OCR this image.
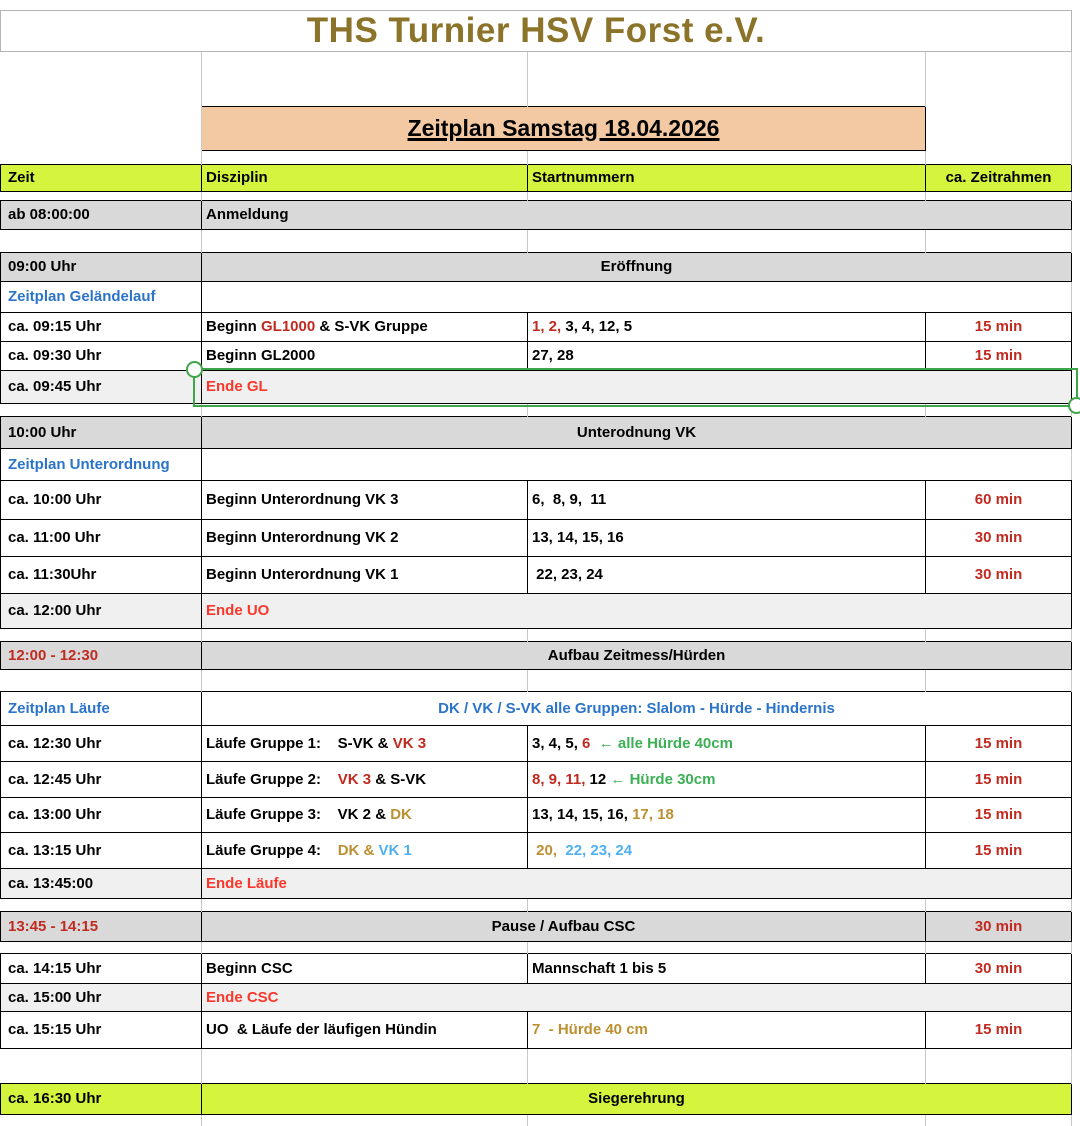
THS Turnier HSV Forst e.V.				

	Zeitplan Samstag 18.04.2026			

Zeit	Disziplin	Startnummern	ca. Zeitrahmen	

ab 08:00:00	Anmeldung			

09:00 Uhr	Eröffnung			
Zeitplan Geländelauf				
ca. 09:15 Uhr	Beginn GL1000 & S-VK Gruppe	1, 2, 3, 4, 12, 5	15 min	
ca. 09:30 Uhr	Beginn GL2000	27, 28	15 min	
ca. 09:45 Uhr	Ende GL			

10:00 Uhr	Unterodnung VK			
Zeitplan Unterordnung				
ca. 10:00 Uhr	Beginn Unterordnung VK 3	6,  8, 9,  11	60 min	
ca. 11:00 Uhr	Beginn Unterordnung VK 2	13, 14, 15, 16	30 min	
ca. 11:30Uhr	Beginn Unterordnung VK 1	22, 23, 24	30 min	
ca. 12:00 Uhr	Ende UO			

12:00 - 12:30	Aufbau Zeitmess/Hürden			

Zeitplan Läufe	DK / VK / S-VK alle Gruppen: Slalom - Hürde - Hindernis			
ca. 12:30 Uhr	Läufe Gruppe 1:    S-VK & VK 3	3, 4, 5, 6 ← alle Hürde 40cm	15 min	
ca. 12:45 Uhr	Läufe Gruppe 2:    VK 3 & S-VK	8, 9, 11, 12 ← Hürde 30cm	15 min	
ca. 13:00 Uhr	Läufe Gruppe 3:    VK 2 & DK	13, 14, 15, 16, 17, 18	15 min	
ca. 13:15 Uhr	Läufe Gruppe 4:    DK & VK 1	20, 22, 23, 24	15 min	
ca. 13:45:00	Ende Läufe			

13:45 - 14:15	Pause / Aufbau CSC		30 min	

ca. 14:15 Uhr	Beginn CSC	Mannschaft 1 bis 5	30 min	
ca. 15:00 Uhr	Ende CSC			
ca. 15:15 Uhr	UO  & Läufe der läufigen Hündin	7  - Hürde 40 cm	15 min	

ca. 16:30 Uhr	Siegerehrung			
